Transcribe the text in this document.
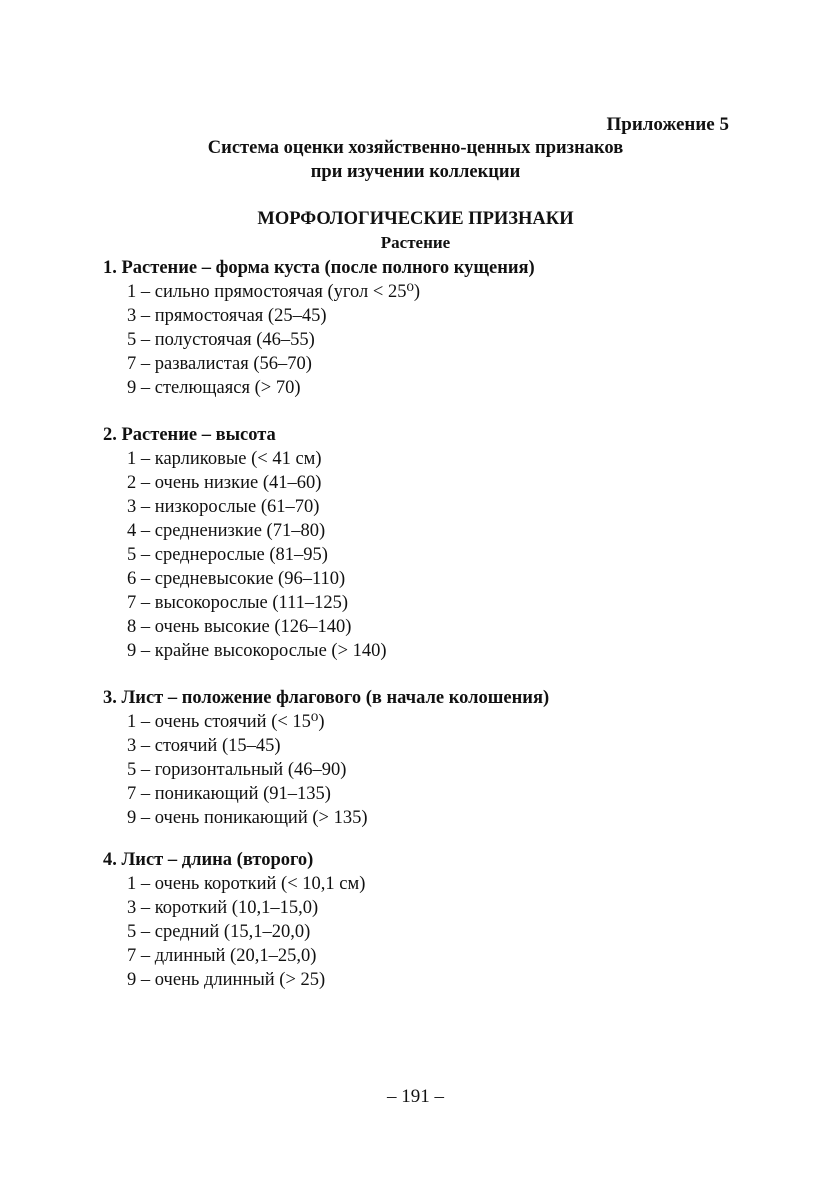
Приложение 5
Система оценки хозяйственно-ценных признаков
при изучении коллекции
МОРФОЛОГИЧЕСКИЕ ПРИЗНАКИ
Растение
1. Растение – форма куста (после полного кущения)
1 – сильно прямостоячая (угол < 25⁰)
3 – прямостоячая (25–45)
5 – полустоячая (46–55)
7 – развалистая (56–70)
9 – стелющаяся (> 70)
2. Растение – высота
1 – карликовые (< 41 см)
2 – очень низкие (41–60)
3 – низкорослые (61–70)
4 – средненизкие (71–80)
5 – среднерослые (81–95)
6 – средневысокие (96–110)
7 – высокорослые (111–125)
8 – очень высокие (126–140)
9 – крайне высокорослые (> 140)
3. Лист – положение флагового (в начале колошения)
1 – очень стоячий (< 15⁰)
3 – стоячий (15–45)
5 – горизонтальный (46–90)
7 – поникающий (91–135)
9 – очень поникающий (> 135)
4. Лист – длина (второго)
1 – очень короткий (< 10,1 см)
3 – короткий (10,1–15,0)
5 – средний (15,1–20,0)
7 – длинный (20,1–25,0)
9 – очень длинный (> 25)
– 191 –
